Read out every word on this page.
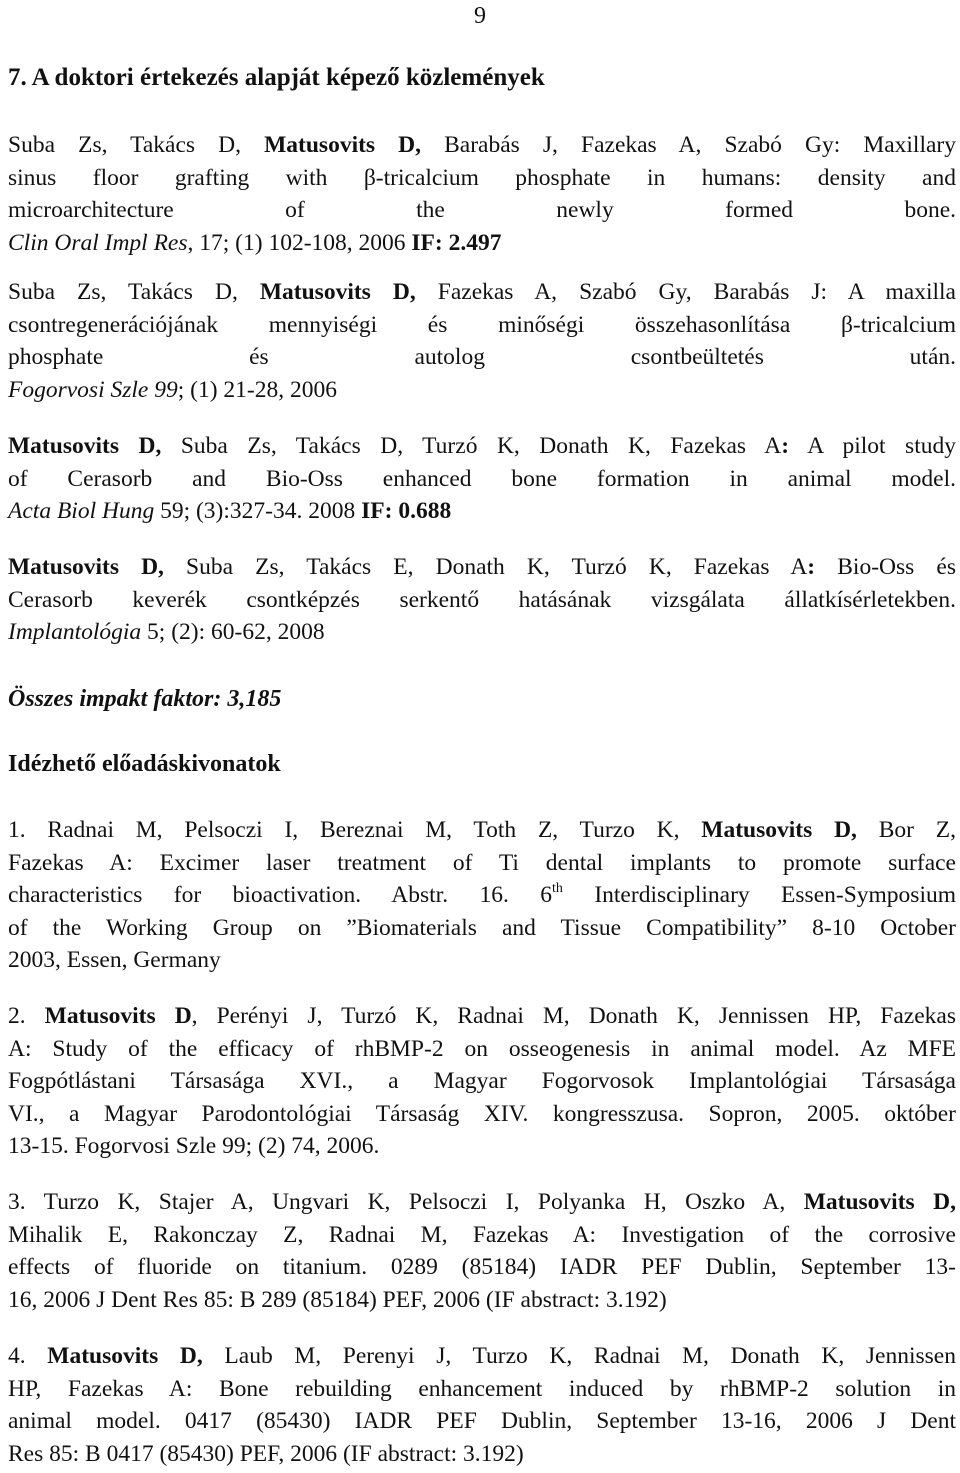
9
7. A doktori értekezés alapját képező közlemények
Suba Zs, Takács D, Matusovits D, Barabás J, Fazekas A, Szabó Gy: Maxillary
sinus floor grafting with β-tricalcium phosphate in humans: density and
microarchitecture of the newly formed bone.
Clin Oral Impl Res, 17; (1) 102-108, 2006 IF: 2.497
Suba Zs, Takács D, Matusovits D, Fazekas A, Szabó Gy, Barabás J: A maxilla
csontregenerációjának mennyiségi és minőségi összehasonlítása β-tricalcium
phosphate és autolog csontbeültetés után.
Fogorvosi Szle 99; (1) 21-28, 2006
Matusovits D, Suba Zs, Takács D, Turzó K, Donath K, Fazekas A: A pilot study
of Cerasorb and Bio-Oss enhanced bone formation in animal model.
Acta Biol Hung 59; (3):327-34. 2008 IF: 0.688
Matusovits D, Suba Zs, Takács E, Donath K, Turzó K, Fazekas A: Bio-Oss és
Cerasorb keverék csontképzés serkentő hatásának vizsgálata állatkísérletekben.
Implantológia 5; (2): 60-62, 2008
Összes impakt faktor: 3,185
Idézhető előadáskivonatok
1. Radnai M, Pelsoczi I, Bereznai M, Toth Z, Turzo K, Matusovits D, Bor Z,
Fazekas A: Excimer laser treatment of Ti dental implants to promote surface
characteristics for bioactivation. Abstr. 16. 6th Interdisciplinary Essen-Symposium
of the Working Group on ”Biomaterials and Tissue Compatibility” 8-10 October
2003, Essen, Germany
2. Matusovits D, Perényi J, Turzó K, Radnai M, Donath K, Jennissen HP, Fazekas
A: Study of the efficacy of rhBMP-2 on osseogenesis in animal model. Az MFE
Fogpótlástani Társasága XVI., a Magyar Fogorvosok Implantológiai Társasága
VI., a Magyar Parodontológiai Társaság XIV. kongresszusa. Sopron, 2005. október
13-15. Fogorvosi Szle 99; (2) 74, 2006.
3. Turzo K, Stajer A, Ungvari K, Pelsoczi I, Polyanka H, Oszko A, Matusovits D,
Mihalik E, Rakonczay Z, Radnai M, Fazekas A: Investigation of the corrosive
effects of fluoride on titanium. 0289 (85184) IADR PEF Dublin, September 13-
16, 2006 J Dent Res 85: B 289 (85184) PEF, 2006 (IF abstract: 3.192)
4. Matusovits D, Laub M, Perenyi J, Turzo K, Radnai M, Donath K, Jennissen
HP, Fazekas A: Bone rebuilding enhancement induced by rhBMP-2 solution in
animal model. 0417 (85430) IADR PEF Dublin, September 13-16, 2006 J Dent
Res 85: B 0417 (85430) PEF, 2006 (IF abstract: 3.192)
